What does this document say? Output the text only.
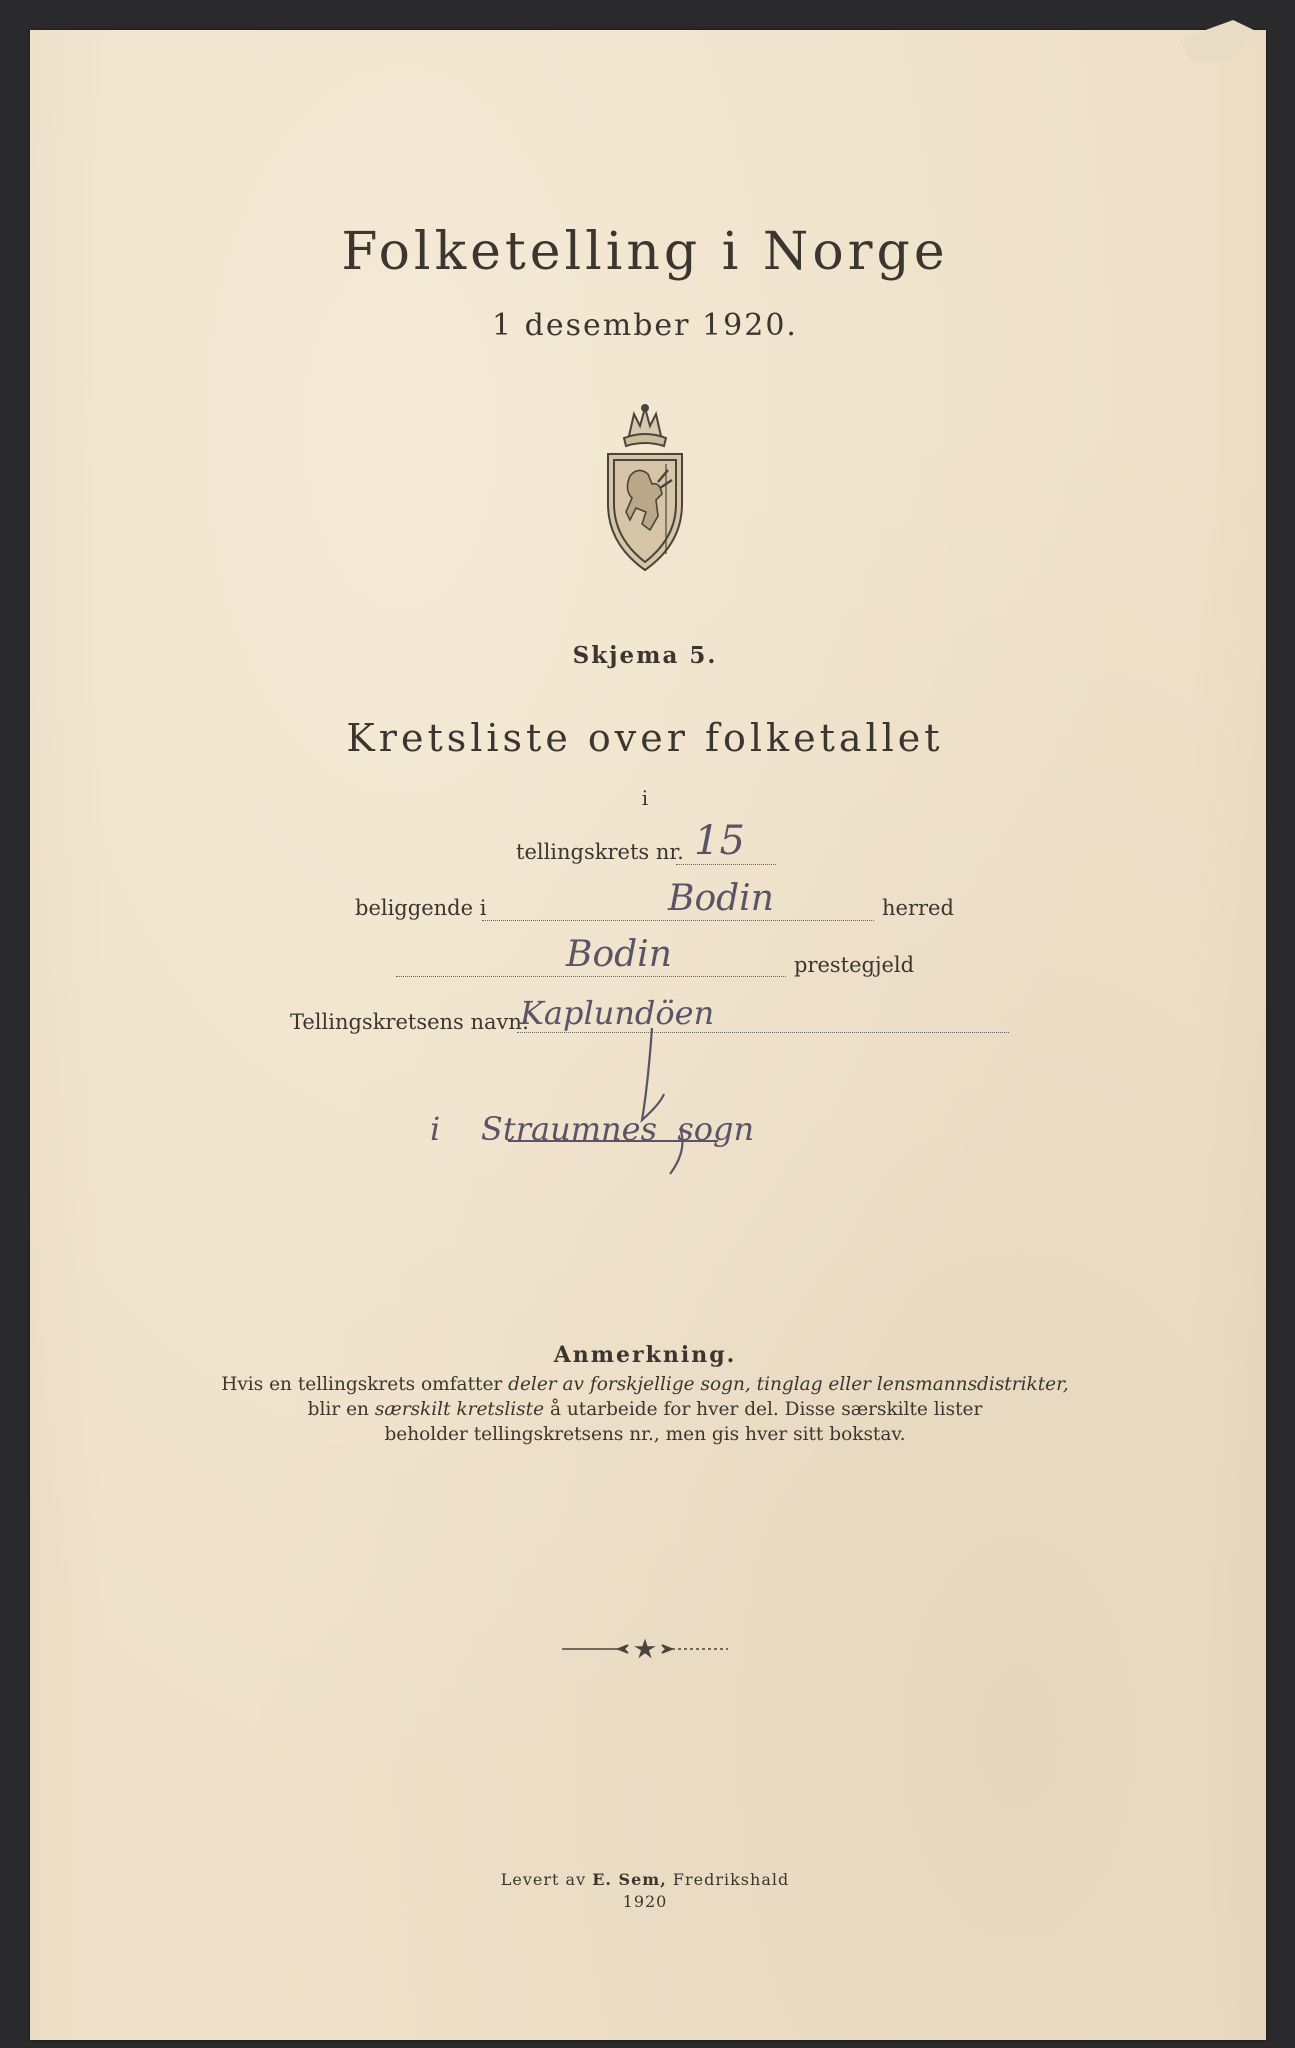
Folketelling i Norge
1 desember 1920.
Skjema 5.
Kretsliste over folketallet
i
tellingskrets nr. 15
beliggende i	Bodin	herred
Bodin	prestegjeld
Tellingskretsens navn:
Kaplundöen
i Straumnes sogn
Anmerkning.
Hvis en tellingskrets omfatter deler av forskjellige sogn, tinglag eller lensmannsdistrikter,
blir en særskilt kretsliste å utarbeide for hver del. Disse særskilte lister
beholder tellingskretsens nr., men gis hver sitt bokstav.
Levert av E. Sem, Fredrikshald
1920
